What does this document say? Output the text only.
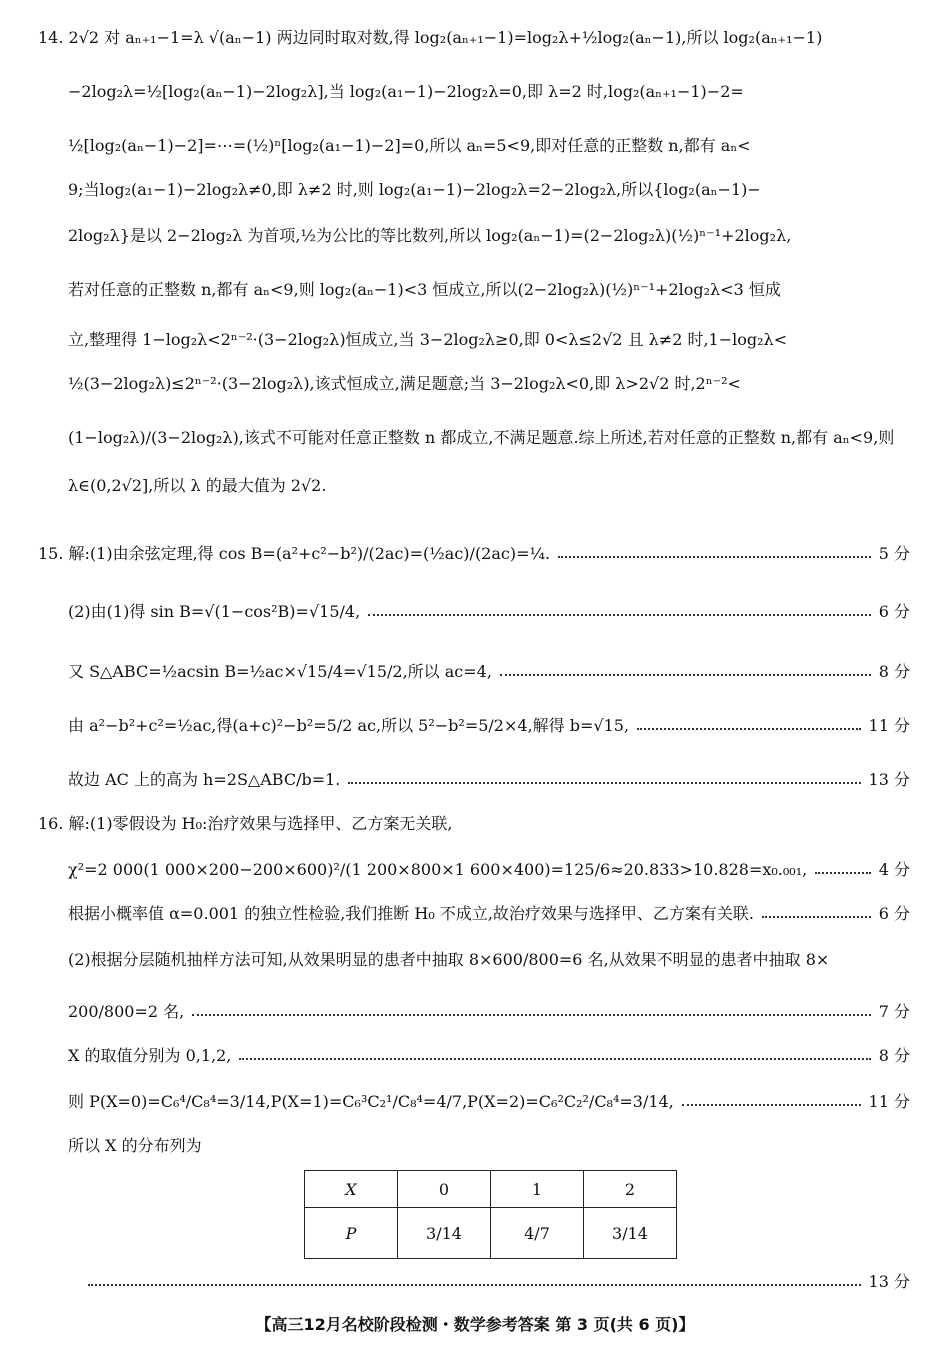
14. 2√2 对 aₙ₊₁−1=λ √(aₙ−1) 两边同时取对数,得 log₂(aₙ₊₁−1)=log₂λ+½log₂(aₙ−1),所以 log₂(aₙ₊₁−1)
−2log₂λ=½[log₂(aₙ−1)−2log₂λ],当 log₂(a₁−1)−2log₂λ=0,即 λ=2 时,log₂(aₙ₊₁−1)−2=
½[log₂(aₙ−1)−2]=⋯=(½)ⁿ[log₂(a₁−1)−2]=0,所以 aₙ=5<9,即对任意的正整数 n,都有 aₙ<
9;当log₂(a₁−1)−2log₂λ≠0,即 λ≠2 时,则 log₂(a₁−1)−2log₂λ=2−2log₂λ,所以{log₂(aₙ−1)−
2log₂λ}是以 2−2log₂λ 为首项,½为公比的等比数列,所以 log₂(aₙ−1)=(2−2log₂λ)(½)ⁿ⁻¹+2log₂λ,
若对任意的正整数 n,都有 aₙ<9,则 log₂(aₙ−1)<3 恒成立,所以(2−2log₂λ)(½)ⁿ⁻¹+2log₂λ<3 恒成
立,整理得 1−log₂λ<2ⁿ⁻²·(3−2log₂λ)恒成立,当 3−2log₂λ≥0,即 0<λ≤2√2 且 λ≠2 时,1−log₂λ<
½(3−2log₂λ)≤2ⁿ⁻²·(3−2log₂λ),该式恒成立,满足题意;当 3−2log₂λ<0,即 λ>2√2 时,2ⁿ⁻²<
(1−log₂λ)/(3−2log₂λ),该式不可能对任意正整数 n 都成立,不满足题意.综上所述,若对任意的正整数 n,都有 aₙ<9,则
λ∈(0,2√2],所以 λ 的最大值为 2√2.
15. 解:(1)由余弦定理,得 cos B=(a²+c²−b²)/(2ac)=(½ac)/(2ac)=¼.	5 分
(2)由(1)得 sin B=√(1−cos²B)=√15/4,	6 分
又 S△ABC=½acsin B=½ac×√15/4=√15/2,所以 ac=4,	8 分
由 a²−b²+c²=½ac,得(a+c)²−b²=5/2 ac,所以 5²−b²=5/2×4,解得 b=√15,	11 分
故边 AC 上的高为 h=2S△ABC/b=1.	13 分
16. 解:(1)零假设为 H₀:治疗效果与选择甲、乙方案无关联,
χ²=2 000(1 000×200−200×600)²/(1 200×800×1 600×400)=125/6≈20.833>10.828=x₀.₀₀₁,	4 分
根据小概率值 α=0.001 的独立性检验,我们推断 H₀ 不成立,故治疗效果与选择甲、乙方案有关联.	6 分
(2)根据分层随机抽样方法可知,从效果明显的患者中抽取 8×600/800=6 名,从效果不明显的患者中抽取 8×
200/800=2 名,	7 分
X 的取值分别为 0,1,2,	8 分
则 P(X=0)=C₆⁴/C₈⁴=3/14,P(X=1)=C₆³C₂¹/C₈⁴=4/7,P(X=2)=C₆²C₂²/C₈⁴=3/14,	11 分
所以 X 的分布列为
X	0	1	2
P	3/14	4/7	3/14
13 分
【高三12月名校阶段检测・数学参考答案 第 3 页(共 6 页)】
